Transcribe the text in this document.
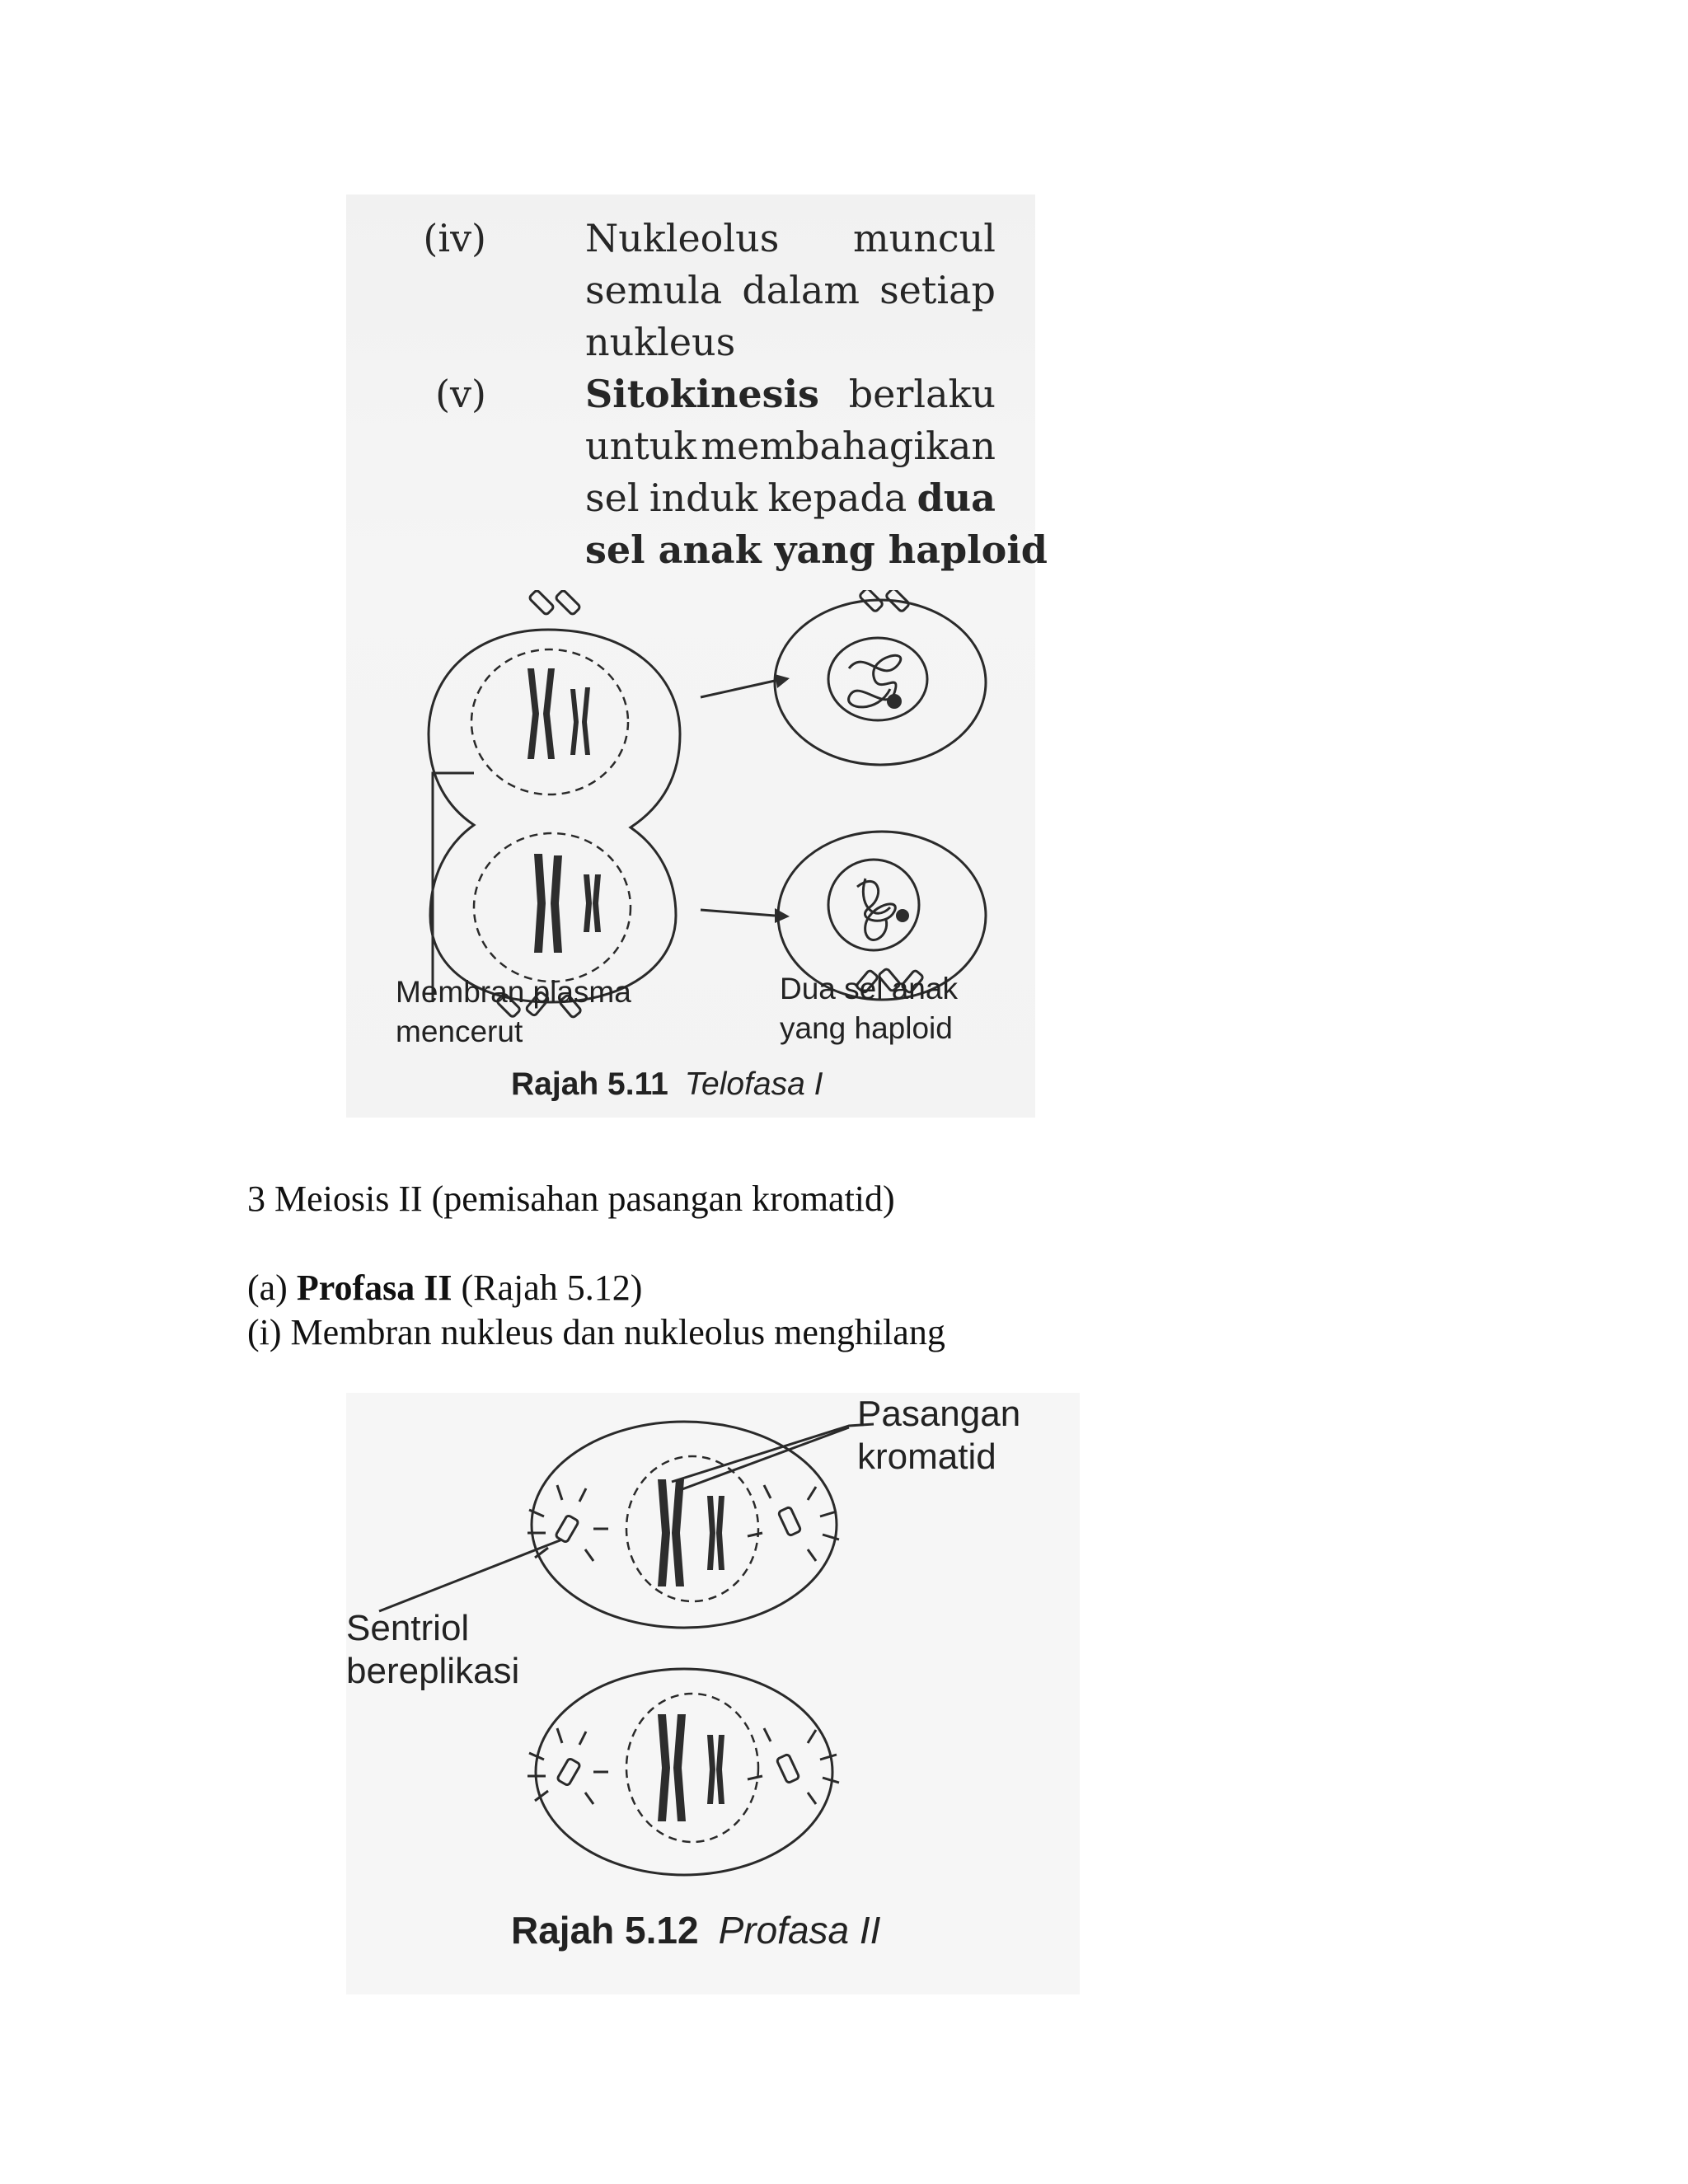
(iv)	Nukleolus muncul
semula dalam setiap
nukleus
(v)	Sitokinesis berlaku
untuk membahagikan
sel induk kepada dua
sel anak yang haploid
Membran plasma
mencerut
Dua sel anak
yang haploid
Rajah 5.11 Telofasa I
3 Meiosis II (pemisahan pasangan kromatid)
(a) Profasa II (Rajah 5.12)
(i) Membran nukleus dan nukleolus menghilang
Pasangan
kromatid
Sentriol
bereplikasi
Rajah 5.12 Profasa II
